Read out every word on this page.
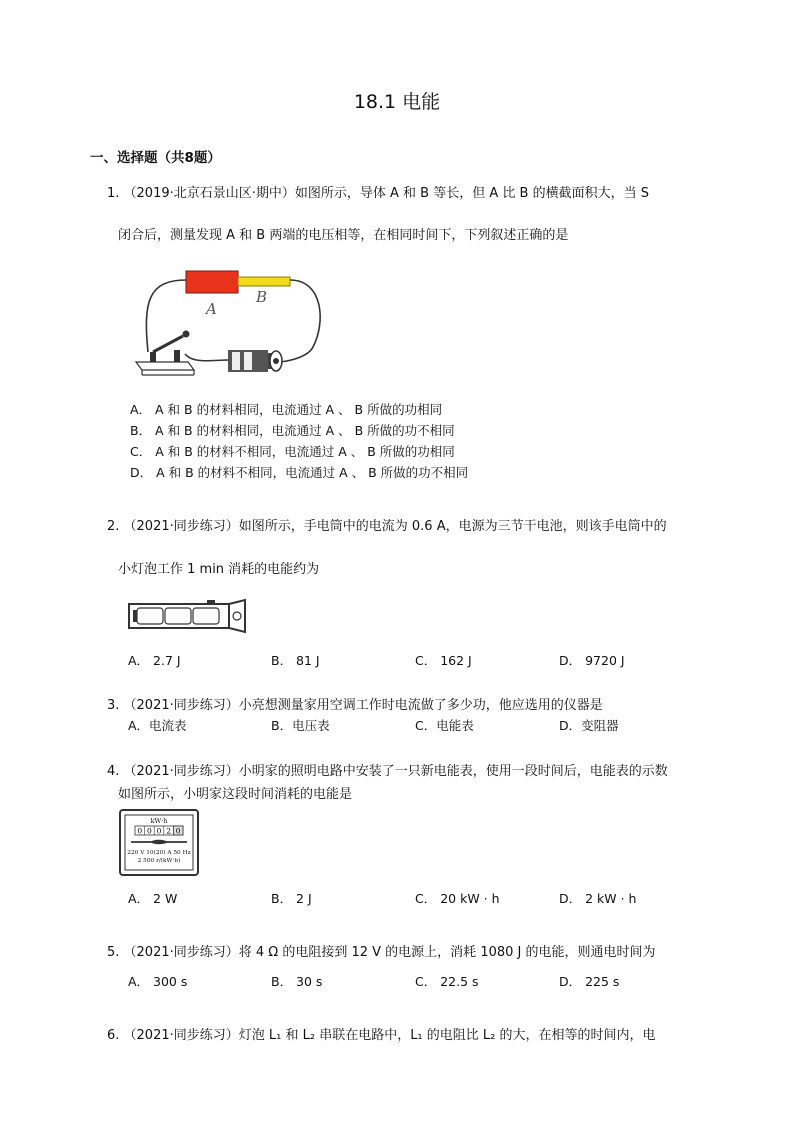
18.1 电能
一、选择题（共8题）
1. （2019·北京石景山区·期中）如图所示，导体 A 和 B 等长，但 A 比 B 的横截面积大，当 S
闭合后，测量发现 A 和 B 两端的电压相等，在相同时间下，下列叙述正确的是
A
B
A． A 和 B 的材料相同，电流通过 A 、 B 所做的功相同
B． A 和 B 的材料相同，电流通过 A 、 B 所做的功不相同
C． A 和 B 的材料不相同，电流通过 A 、 B 所做的功相同
D． A 和 B 的材料不相同，电流通过 A 、 B 所做的功不相同
2. （2021·同步练习）如图所示，手电筒中的电流为 0.6 A，电源为三节干电池，则该手电筒中的
小灯泡工作 1 min 消耗的电能约为
A． 2.7 J	B． 81 J	C． 162 J	D． 9720 J
3. （2021·同步练习）小亮想测量家用空调工作时电流做了多少功，他应选用的仪器是
A．电流表	B．电压表	C．电能表	D．变阻器
4. （2021·同步练习）小明家的照明电路中安装了一只新电能表，使用一段时间后，电能表的示数
如图所示，小明家这段时间消耗的电能是
kW·h
0 0 0 2 0
220 V 10(20) A 50 Hz
2 500 r/(kW·h)
A． 2 W	B． 2 J	C． 20 kW · h	D． 2 kW · h
5. （2021·同步练习）将 4 Ω 的电阻接到 12 V 的电源上，消耗 1080 J 的电能，则通电时间为
A． 300 s	B． 30 s	C． 22.5 s	D． 225 s
6. （2021·同步练习）灯泡 L₁ 和 L₂ 串联在电路中，L₁ 的电阻比 L₂ 的大，在相等的时间内，电
